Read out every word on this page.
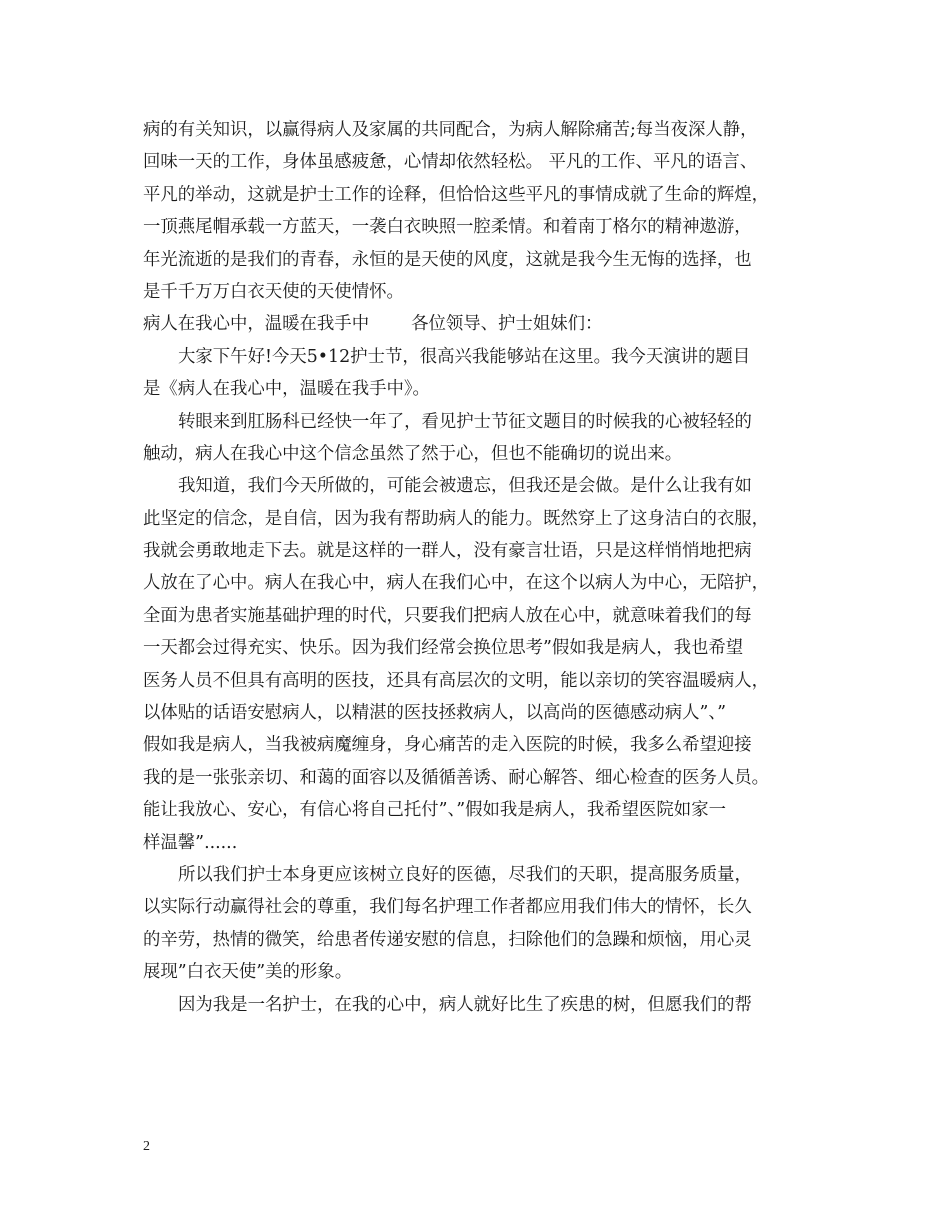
病的有关知识，以赢得病人及家属的共同配合，为病人解除痛苦;每当夜深人静，
回味一天的工作，身体虽感疲惫，心情却依然轻松。 平凡的工作、平凡的语言、
平凡的举动，这就是护士工作的诠释，但恰恰这些平凡的事情成就了生命的辉煌，
一顶燕尾帽承载一方蓝天，一袭白衣映照一腔柔情。和着南丁格尔的精神遨游，
年光流逝的是我们的青春，永恒的是天使的风度，这就是我今生无悔的选择，也
是千千万万白衣天使的天使情怀。
病人在我心中，温暖在我手中 各位领导、护士姐妹们：
大家下午好!今天5•12护士节，很高兴我能够站在这里。我今天演讲的题目
是《病人在我心中，温暖在我手中》。
转眼来到肛肠科已经快一年了，看见护士节征文题目的时候我的心被轻轻的
触动，病人在我心中这个信念虽然了然于心，但也不能确切的说出来。
我知道，我们今天所做的，可能会被遗忘，但我还是会做。是什么让我有如
此坚定的信念，是自信，因为我有帮助病人的能力。既然穿上了这身洁白的衣服，
我就会勇敢地走下去。就是这样的一群人，没有豪言壮语，只是这样悄悄地把病
人放在了心中。病人在我心中，病人在我们心中，在这个以病人为中心，无陪护，
全面为患者实施基础护理的时代，只要我们把病人放在心中，就意味着我们的每
一天都会过得充实、快乐。因为我们经常会换位思考”假如我是病人，我也希望
医务人员不但具有高明的医技，还具有高层次的文明，能以亲切的笑容温暖病人，
以体贴的话语安慰病人，以精湛的医技拯救病人，以高尚的医德感动病人”、”
假如我是病人，当我被病魔缠身，身心痛苦的走入医院的时候，我多么希望迎接
我的是一张张亲切、和蔼的面容以及循循善诱、耐心解答、细心检查的医务人员。
能让我放心、安心，有信心将自己托付”、”假如我是病人，我希望医院如家一
样温馨”......
所以我们护士本身更应该树立良好的医德，尽我们的天职，提高服务质量，
以实际行动赢得社会的尊重，我们每名护理工作者都应用我们伟大的情怀，长久
的辛劳，热情的微笑，给患者传递安慰的信息，扫除他们的急躁和烦恼，用心灵
展现”白衣天使”美的形象。
因为我是一名护士，在我的心中，病人就好比生了疾患的树，但愿我们的帮
2
